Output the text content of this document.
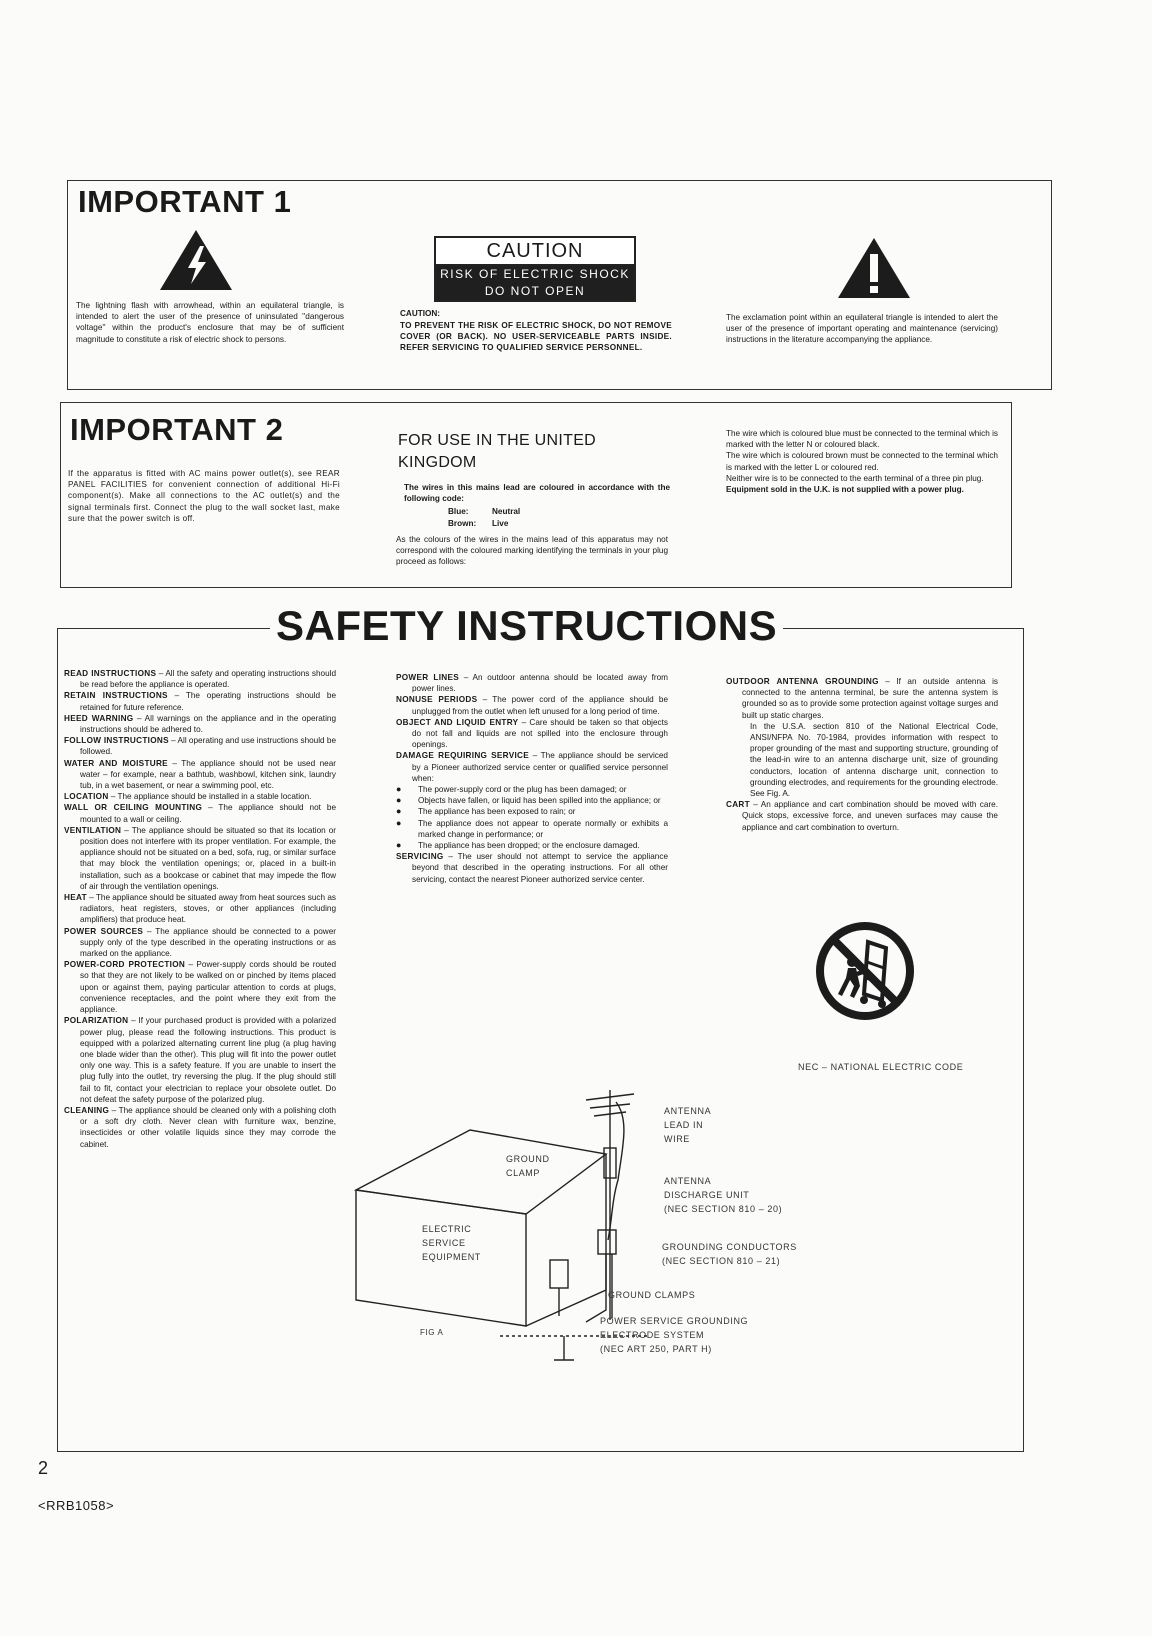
IMPORTANT 1
The lightning flash with arrowhead, within an equilateral triangle, is intended to alert the user of the presence of uninsulated ''dangerous voltage'' within the product's enclosure that may be of sufficient magnitude to constitute a risk of electric shock to persons.
CAUTION
RISK OF ELECTRIC SHOCK
DO NOT OPEN
CAUTION:
TO PREVENT THE RISK OF ELECTRIC SHOCK, DO NOT REMOVE COVER (OR BACK). NO USER-SERVICEABLE PARTS INSIDE. REFER SERVICING TO QUALIFIED SERVICE PERSONNEL.
The exclamation point within an equilateral triangle is intended to alert the user of the presence of important operating and maintenance (servicing) instructions in the literature accompanying the appliance.
IMPORTANT 2
If the apparatus is fitted with AC mains power outlet(s), see REAR PANEL FACILITIES for convenient connection of additional Hi-Fi component(s). Make all connections to the AC outlet(s) and the signal terminals first. Connect the plug to the wall socket last, make sure that the power switch is off.
FOR USE IN THE UNITED KINGDOM
The wires in this mains lead are coloured in accordance with the following code:
Blue:	Neutral
Brown: Live
As the colours of the wires in the mains lead of this apparatus may not correspond with the coloured marking identifying the terminals in your plug proceed as follows:
The wire which is coloured blue must be connected to the terminal which is marked with the letter N or coloured black.
The wire which is coloured brown must be connected to the terminal which is marked with the letter L or coloured red.
Neither wire is to be connected to the earth terminal of a three pin plug.
Equipment sold in the U.K. is not supplied with a power plug.
SAFETY INSTRUCTIONS
READ INSTRUCTIONS – All the safety and operating instructions should be read before the appliance is operated.
RETAIN INSTRUCTIONS – The operating instructions should be retained for future reference.
HEED WARNING – All warnings on the appliance and in the operating instructions should be adhered to.
FOLLOW INSTRUCTIONS – All operating and use instructions should be followed.
WATER AND MOISTURE – The appliance should not be used near water – for example, near a bathtub, washbowl, kitchen sink, laundry tub, in a wet basement, or near a swimming pool, etc.
LOCATION – The appliance should be installed in a stable location.
WALL OR CEILING MOUNTING – The appliance should not be mounted to a wall or ceiling.
VENTILATION – The appliance should be situated so that its location or position does not interfere with its proper ventilation. For example, the appliance should not be situated on a bed, sofa, rug, or similar surface that may block the ventilation openings; or, placed in a built-in installation, such as a bookcase or cabinet that may impede the flow of air through the ventilation openings.
HEAT – The appliance should be situated away from heat sources such as radiators, heat registers, stoves, or other appliances (including amplifiers) that produce heat.
POWER SOURCES – The appliance should be connected to a power supply only of the type described in the operating instructions or as marked on the appliance.
POWER-CORD PROTECTION – Power-supply cords should be routed so that they are not likely to be walked on or pinched by items placed upon or against them, paying particular attention to cords at plugs, convenience receptacles, and the point where they exit from the appliance.
POLARIZATION – If your purchased product is provided with a polarized power plug, please read the following instructions. This product is equipped with a polarized alternating current line plug (a plug having one blade wider than the other). This plug will fit into the power outlet only one way. This is a safety feature. If you are unable to insert the plug fully into the outlet, try reversing the plug. If the plug should still fail to fit, contact your electrician to replace your obsolete outlet. Do not defeat the safety purpose of the polarized plug.
CLEANING – The appliance should be cleaned only with a polishing cloth or a soft dry cloth. Never clean with furniture wax, benzine, insecticides or other volatile liquids since they may corrode the cabinet.
POWER LINES – An outdoor antenna should be located away from power lines.
NONUSE PERIODS – The power cord of the appliance should be unplugged from the outlet when left unused for a long period of time.
OBJECT AND LIQUID ENTRY – Care should be taken so that objects do not fall and liquids are not spilled into the enclosure through openings.
DAMAGE REQUIRING SERVICE – The appliance should be serviced by a Pioneer authorized service center or qualified service personnel when:
● The power-supply cord or the plug has been damaged; or
● Objects have fallen, or liquid has been spilled into the appliance; or
● The appliance has been exposed to rain; or
● The appliance does not appear to operate normally or exhibits a marked change in performance; or
● The appliance has been dropped; or the enclosure damaged.
SERVICING – The user should not attempt to service the appliance beyond that described in the operating instructions. For all other servicing, contact the nearest Pioneer authorized service center.
OUTDOOR ANTENNA GROUNDING – If an outside antenna is connected to the antenna terminal, be sure the antenna system is grounded so as to provide some protection against voltage surges and built up static charges.
In the U.S.A. section 810 of the National Electrical Code, ANSI/NFPA No. 70-1984, provides information with respect to proper grounding of the mast and supporting structure, grounding of the lead-in wire to an antenna discharge unit, size of grounding conductors, location of antenna discharge unit, connection to grounding electrodes, and requirements for the grounding electrode. See Fig. A.
CART – An appliance and cart combination should be moved with care. Quick stops, excessive force, and uneven surfaces may cause the appliance and cart combination to overturn.
NEC – NATIONAL ELECTRIC CODE
ANTENNA
LEAD IN
WIRE
GROUND
CLAMP
ANTENNA
DISCHARGE UNIT
(NEC SECTION 810 – 20)
ELECTRIC
SERVICE
EQUIPMENT
GROUNDING CONDUCTORS
(NEC SECTION 810 – 21)
GROUND CLAMPS
POWER SERVICE GROUNDING
ELECTRODE SYSTEM
(NEC ART 250, PART H)
FIG A
2
<RRB1058>
